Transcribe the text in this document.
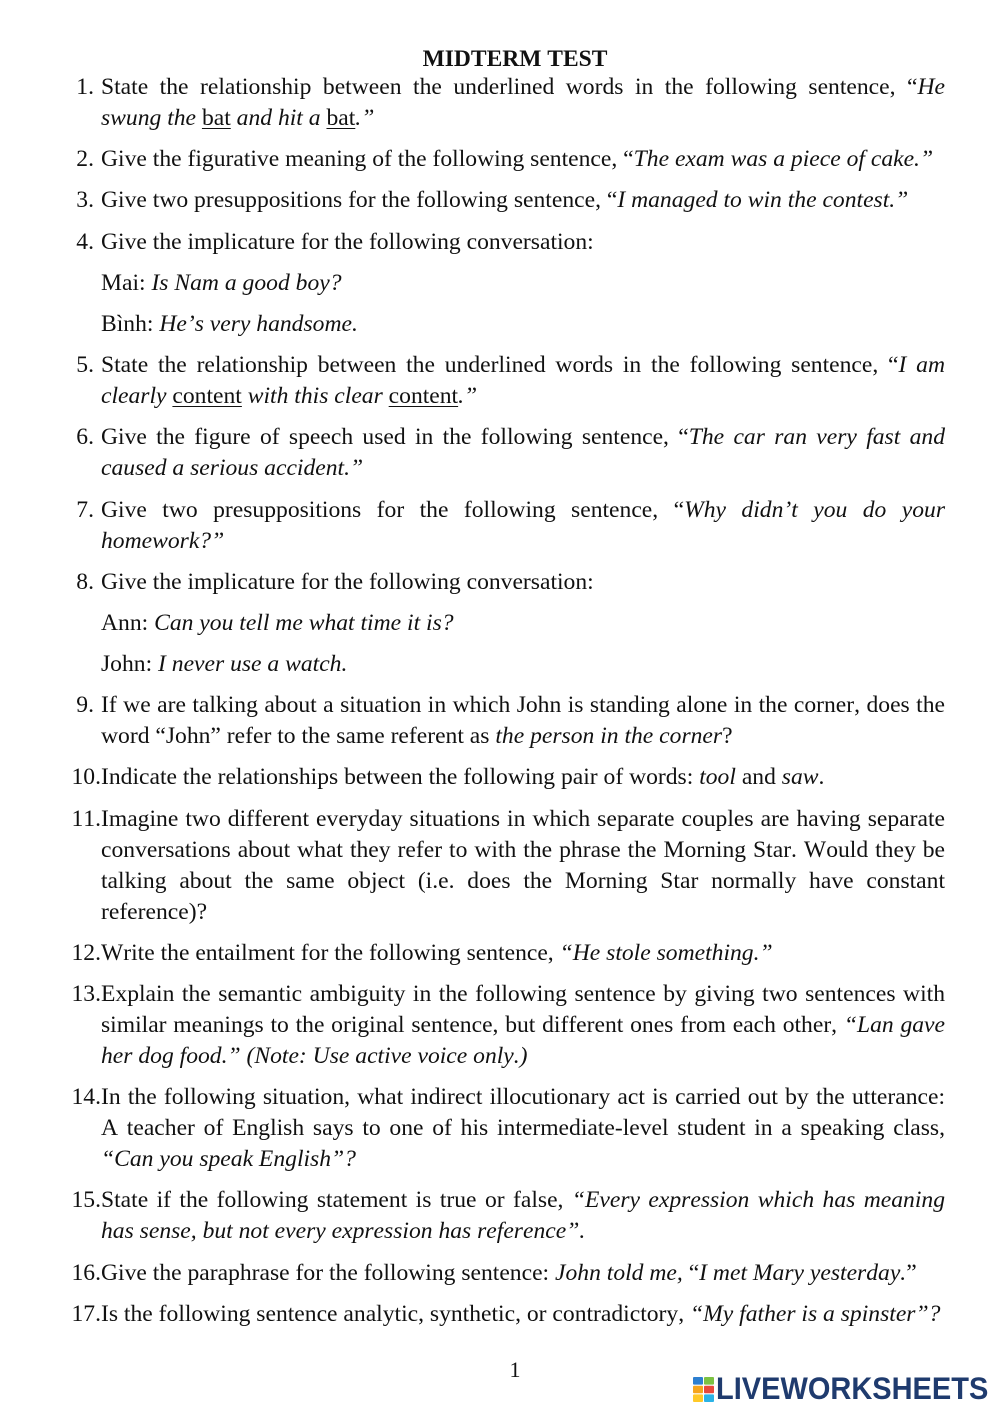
MIDTERM TEST
1. State the relationship between the underlined words in the following sentence, “He swung the bat and hit a bat.”
2. Give the figurative meaning of the following sentence, “The exam was a piece of cake.”
3. Give two presuppositions for the following sentence, “I managed to win the contest.”
4. Give the implicature for the following conversation:
Mai: Is Nam a good boy?
Bình: He’s very handsome.
5. State the relationship between the underlined words in the following sentence, “I am clearly content with this clear content.”
6. Give the figure of speech used in the following sentence, “The car ran very fast and caused a serious accident.”
7. Give two presuppositions for the following sentence, “Why didn’t you do your homework?”
8. Give the implicature for the following conversation:
Ann: Can you tell me what time it is?
John: I never use a watch.
9. If we are talking about a situation in which John is standing alone in the corner, does the word “John” refer to the same referent as the person in the corner?
10. Indicate the relationships between the following pair of words: tool and saw.
11. Imagine two different everyday situations in which separate couples are having separate conversations about what they refer to with the phrase the Morning Star. Would they be talking about the same object (i.e. does the Morning Star normally have constant reference)?
12. Write the entailment for the following sentence, “He stole something.”
13. Explain the semantic ambiguity in the following sentence by giving two sentences with similar meanings to the original sentence, but different ones from each other, “Lan gave her dog food.” (Note: Use active voice only.)
14. In the following situation, what indirect illocutionary act is carried out by the utterance: A teacher of English says to one of his intermediate-level student in a speaking class, “Can you speak English”?
15. State if the following statement is true or false, “Every expression which has meaning has sense, but not every expression has reference”.
16. Give the paraphrase for the following sentence: John told me, “I met Mary yesterday.”
17. Is the following sentence analytic, synthetic, or contradictory, “My father is a spinster”?
1
LIVEWORKSHEETS
